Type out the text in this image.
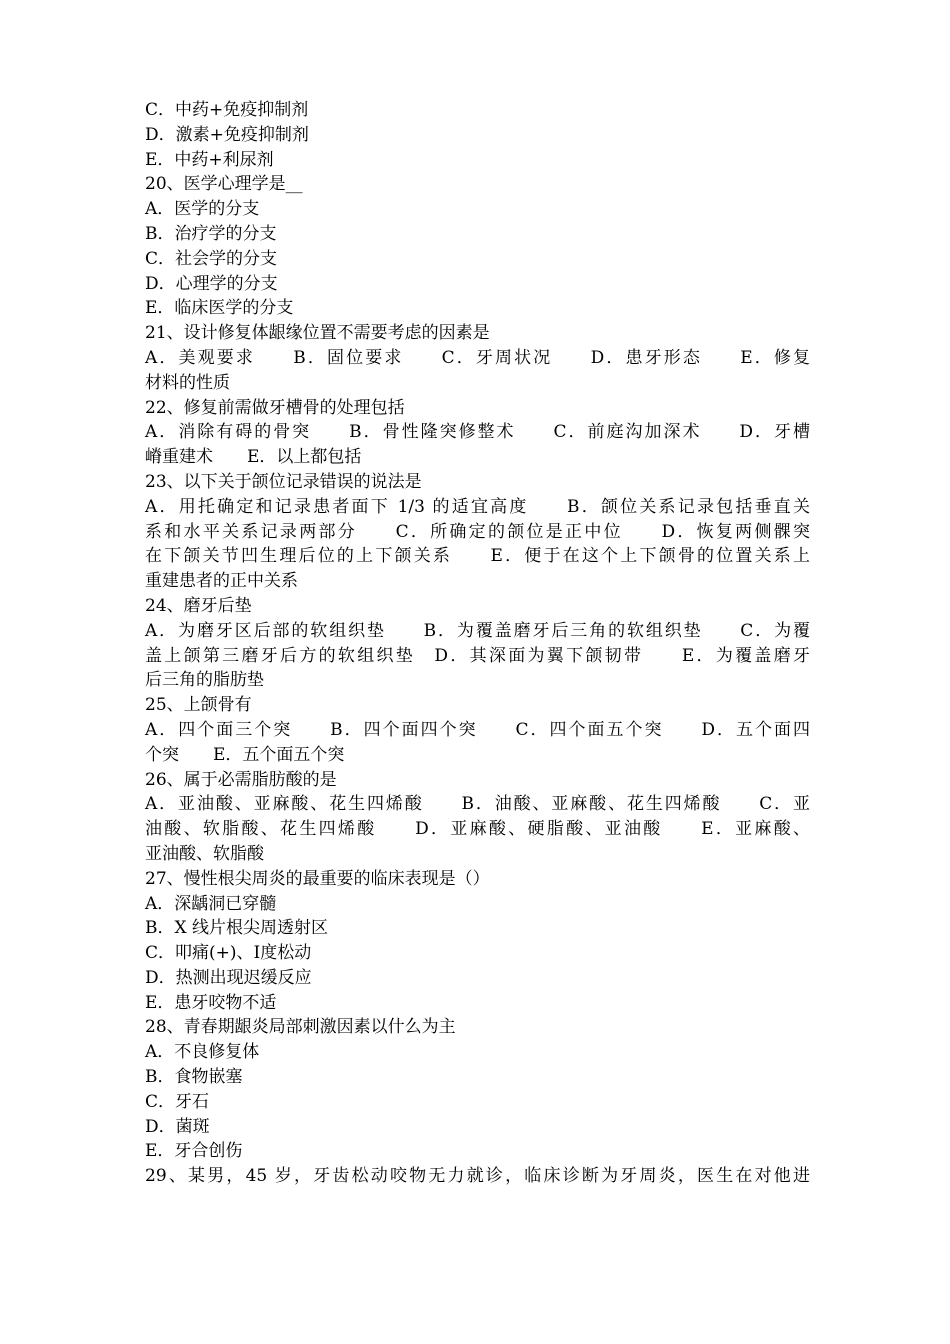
C．中药+免疫抑制剂
D．激素+免疫抑制剂
E．中药+利尿剂
20、医学心理学是__
A．医学的分支
B．治疗学的分支
C．社会学的分支
D．心理学的分支
E．临床医学的分支
21、设计修复体龈缘位置不需要考虑的因素是
A．美观要求　　B．固位要求　　C．牙周状况　　D．患牙形态　　E．修复
材料的性质
22、修复前需做牙槽骨的处理包括
A．消除有碍的骨突　　B．骨性隆突修整术　　C．前庭沟加深术　　D．牙槽
嵴重建术　　E．以上都包括
23、以下关于颌位记录错误的说法是
A．用托确定和记录患者面下 1/3 的适宜高度　　B．颌位关系记录包括垂直关
系和水平关系记录两部分　　C．所确定的颌位是正中位　　D．恢复两侧髁突
在下颌关节凹生理后位的上下颌关系　　E．便于在这个上下颌骨的位置关系上
重建患者的正中关系
24、磨牙后垫
A．为磨牙区后部的软组织垫　　B．为覆盖磨牙后三角的软组织垫　　C．为覆
盖上颌第三磨牙后方的软组织垫　D．其深面为翼下颌韧带　　E．为覆盖磨牙
后三角的脂肪垫
25、上颌骨有
A．四个面三个突　　B．四个面四个突　　C．四个面五个突　　D．五个面四
个突　　E．五个面五个突
26、属于必需脂肪酸的是
A．亚油酸、亚麻酸、花生四烯酸　　B．油酸、亚麻酸、花生四烯酸　　C．亚
油酸、软脂酸、花生四烯酸　　D．亚麻酸、硬脂酸、亚油酸　　E．亚麻酸、
亚油酸、软脂酸
27、慢性根尖周炎的最重要的临床表现是（）
A．深龋洞已穿髓
B．X 线片根尖周透射区
C．叩痛(+)、Ⅰ度松动
D．热测出现迟缓反应
E．患牙咬物不适
28、青春期龈炎局部刺激因素以什么为主
A．不良修复体
B．食物嵌塞
C．牙石
D．菌斑
E．牙合创伤
29、某男，45 岁，牙齿松动咬物无力就诊，临床诊断为牙周炎，医生在对他进
